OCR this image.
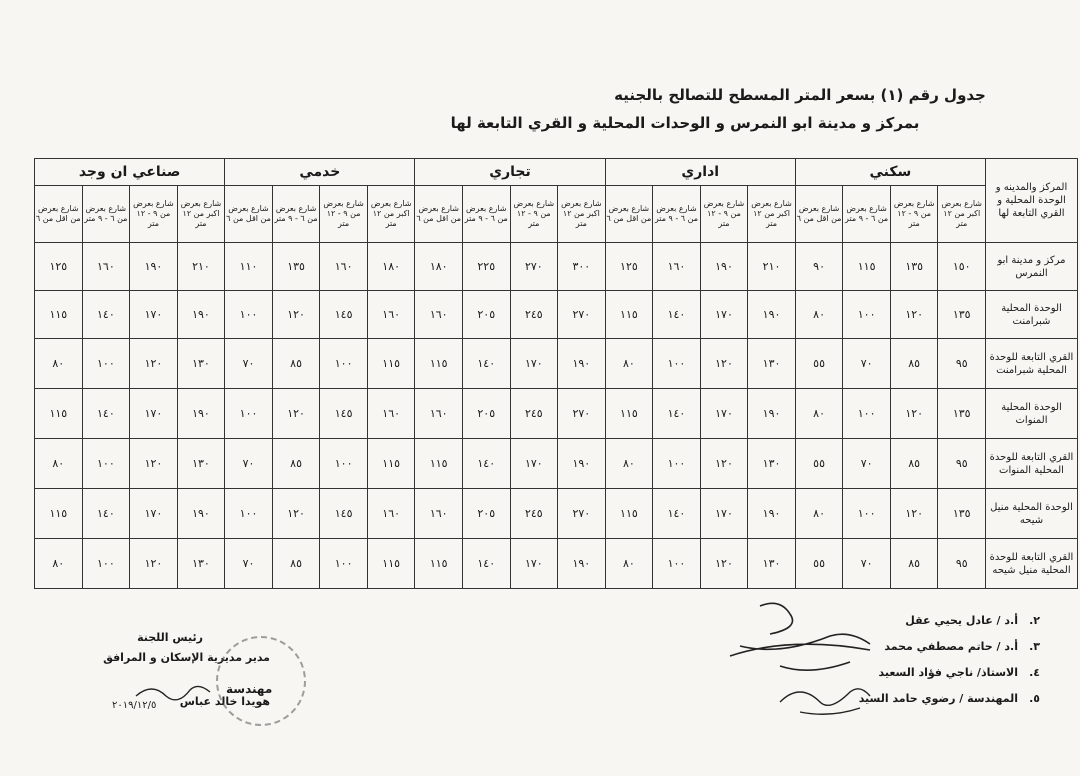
جدول رقم (١) بسعر المتر المسطح للتصالح بالجنيه
بمركز و مدينة ابو النمرس و الوحدات المحلية و القري التابعة لها
المركز والمدينه و الوحدة المحلية و القري التابعة لها	سكني				اداري				تجاري				خدمي				صناعي ان وجد			
	شارع بعرض اكبر من ١٢ متر	شارع بعرض من ٩ - ١٢ متر	شارع بعرض من ٦ - ٩ متر	شارع بعرض من اقل من ٦	شارع بعرض اكبر من ١٢ متر	شارع بعرض من ٩ - ١٢ متر	شارع بعرض من ٦ - ٩ متر	شارع بعرض من اقل من ٦	شارع بعرض اكبر من ١٢ متر	شارع بعرض من ٩ - ١٢ متر	شارع بعرض من ٦ - ٩ متر	شارع بعرض من اقل من ٦	شارع بعرض اكبر من ١٢ متر	شارع بعرض من ٩ - ١٢ متر	شارع بعرض من ٦ - ٩ متر	شارع بعرض من اقل من ٦	شارع بعرض اكبر من ١٢ متر	شارع بعرض من ٩ - ١٢ متر	شارع بعرض من ٦ - ٩ متر	شارع بعرض من اقل من ٦
مركز و مدينة ابو النمرس	١٥٠	١٣٥	١١٥	٩٠	٢١٠	١٩٠	١٦٠	١٢٥	٣٠٠	٢٧٠	٢٢٥	١٨٠	١٨٠	١٦٠	١٣٥	١١٠	٢١٠	١٩٠	١٦٠	١٢٥
الوحدة المحلية شبرامنت	١٣٥	١٢٠	١٠٠	٨٠	١٩٠	١٧٠	١٤٠	١١٥	٢٧٠	٢٤٥	٢٠٥	١٦٠	١٦٠	١٤٥	١٢٠	١٠٠	١٩٠	١٧٠	١٤٠	١١٥
القري التابعة للوحدة المحلية شبرامنت	٩٥	٨٥	٧٠	٥٥	١٣٠	١٢٠	١٠٠	٨٠	١٩٠	١٧٠	١٤٠	١١٥	١١٥	١٠٠	٨٥	٧٠	١٣٠	١٢٠	١٠٠	٨٠
الوحدة المحلية المنوات	١٣٥	١٢٠	١٠٠	٨٠	١٩٠	١٧٠	١٤٠	١١٥	٢٧٠	٢٤٥	٢٠٥	١٦٠	١٦٠	١٤٥	١٢٠	١٠٠	١٩٠	١٧٠	١٤٠	١١٥
القري التابعة للوحدة المحلية المنوات	٩٥	٨٥	٧٠	٥٥	١٣٠	١٢٠	١٠٠	٨٠	١٩٠	١٧٠	١٤٠	١١٥	١١٥	١٠٠	٨٥	٧٠	١٣٠	١٢٠	١٠٠	٨٠
الوحدة المحلية منيل شيحه	١٣٥	١٢٠	١٠٠	٨٠	١٩٠	١٧٠	١٤٠	١١٥	٢٧٠	٢٤٥	٢٠٥	١٦٠	١٦٠	١٤٥	١٢٠	١٠٠	١٩٠	١٧٠	١٤٠	١١٥
القري التابعة للوحدة المحلية منيل شيحه	٩٥	٨٥	٧٠	٥٥	١٣٠	١٢٠	١٠٠	٨٠	١٩٠	١٧٠	١٤٠	١١٥	١١٥	١٠٠	٨٥	٧٠	١٣٠	١٢٠	١٠٠	٨٠
٢.أ.د / عادل يحيي عقل
٣.أ.د / حاتم مصطفي محمد
٤.الاستاذ/ ناجي فؤاد السعيد
٥.المهندسة / رضوي حامد السيد
رئيس اللجنة
مدير مديرية الإسكان و المرافق
هويدا خالد عباس
مهندسة
٢٠١٩/١٢/٥
